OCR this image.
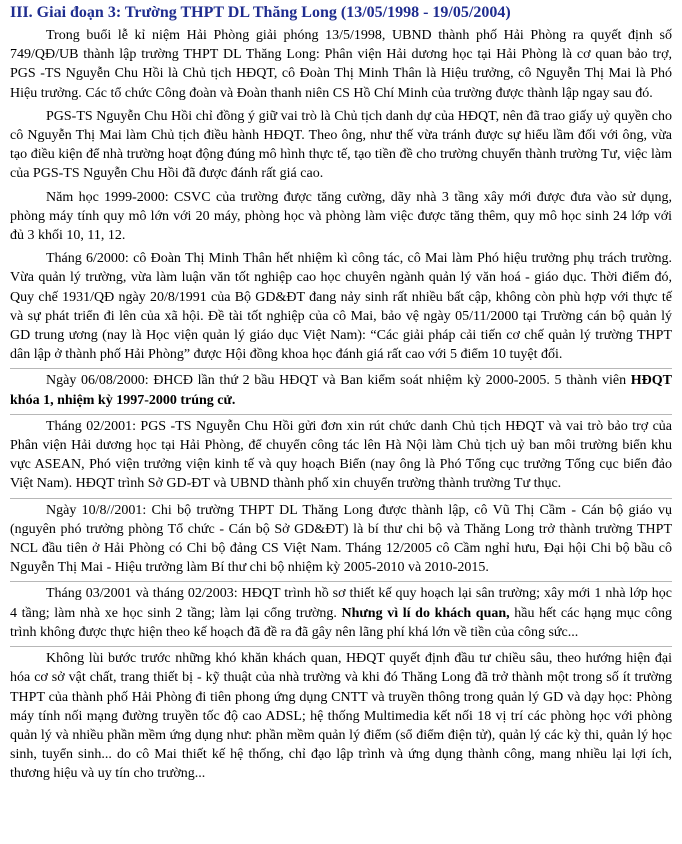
III. Giai đoạn 3: Trường THPT DL Thăng Long (13/05/1998 - 19/05/2004)

Trong buổi lễ kỉ niệm Hải Phòng giải phóng 13/5/1998, UBND thành phố Hải Phòng ra quyết định số 749/QĐ/UB thành lập trường THPT DL Thăng Long: Phân viện Hải dương học tại Hải Phòng là cơ quan bảo trợ, PGS -TS Nguyễn Chu Hồi là Chủ tịch HĐQT, cô Đoàn Thị Minh Thân là Hiệu trưởng, cô Nguyễn Thị Mai là Phó Hiệu trưởng. Các tổ chức Công đoàn và Đoàn thanh niên CS Hồ Chí Minh của trường được thành lập ngay sau đó.

PGS-TS Nguyễn Chu Hồi chỉ đồng ý giữ vai trò là Chủ tịch danh dự của HĐQT, nên đã trao giấy uỷ quyền cho cô Nguyễn Thị Mai làm Chủ tịch điều hành HĐQT. Theo ông, như thế vừa tránh được sự hiểu lầm đối với ông, vừa tạo điều kiện để nhà trường hoạt động đúng mô hình thực tế, tạo tiền đề cho trường chuyển thành trường Tư, việc làm của PGS-TS Nguyễn Chu Hồi đã được đánh rất giá cao.

Năm học 1999-2000: CSVC của trường được tăng cường, dãy nhà 3 tầng xây mới được đưa vào sử dụng, phòng máy tính quy mô lớn với 20 máy, phòng học và phòng làm việc được tăng thêm, quy mô học sinh 24 lớp với đủ 3 khối 10, 11, 12.

Tháng 6/2000: cô Đoàn Thị Minh Thân hết nhiệm kì công tác, cô Mai làm Phó hiệu trưởng phụ trách trường. Vừa quản lý trường, vừa làm luận văn tốt nghiệp cao học chuyên ngành quản lý văn hoá - giáo dục. Thời điểm đó, Quy chế 1931/QĐ ngày 20/8/1991 của Bộ GD&ĐT đang nảy sinh rất nhiều bất cập, không còn phù hợp với thực tế và sự phát triển đi lên của xã hội. Đề tài tốt nghiệp của cô Mai, bảo vệ ngày 05/11/2000 tại Trường cán bộ quản lý GD trung ương (nay là Học viện quản lý giáo dục Việt Nam): “Các giải pháp cải tiến cơ chế quản lý trường THPT dân lập ở thành phố Hải Phòng” được Hội đồng khoa học đánh giá rất cao với 5 điểm 10 tuyệt đối.

Ngày 06/08/2000: ĐHCĐ lần thứ 2 bầu HĐQT và Ban kiểm soát nhiệm kỳ 2000-2005. 5 thành viên HĐQT khóa 1, nhiệm kỳ 1997-2000 trúng cử.

Tháng 02/2001: PGS -TS Nguyễn Chu Hồi gửi đơn xin rút chức danh Chủ tịch HĐQT và vai trò bảo trợ của Phân viện Hải dương học tại Hải Phòng, để chuyển công tác lên Hà Nội làm Chủ tịch uỷ ban môi trường biển khu vực ASEAN, Phó viện trưởng viện kinh tế và quy hoạch Biển (nay ông là Phó Tổng cục trưởng Tổng cục biển đảo Việt Nam). HĐQT trình Sở GD-ĐT và UBND thành phố xin chuyển trường thành trường Tư thục.

Ngày 10/8//2001: Chi bộ trường THPT DL Thăng Long được thành lập, cô Vũ Thị Cầm - Cán bộ giáo vụ (nguyên phó trưởng phòng Tổ chức - Cán bộ Sở GD&ĐT) là bí thư chi bộ và Thăng Long trở thành trường THPT NCL đầu tiên ở Hải Phòng có Chi bộ đảng CS Việt Nam. Tháng 12/2005 cô Cầm nghỉ hưu, Đại hội Chi bộ bầu cô Nguyễn Thị Mai - Hiệu trưởng làm Bí thư chi bộ nhiệm kỳ 2005-2010 và 2010-2015.

Tháng 03/2001 và tháng 02/2003: HĐQT trình hồ sơ thiết kế quy hoạch lại sân trường; xây mới 1 nhà lớp học 4 tầng; làm nhà xe học sinh 2 tầng; làm lại cổng trường. Nhưng vì lí do khách quan, hầu hết các hạng mục công trình không được thực hiện theo kế hoạch đã đề ra đã gây nên lãng phí khá lớn về tiền của công sức...

Không lùi bước trước những khó khăn khách quan, HĐQT quyết định đầu tư chiều sâu, theo hướng hiện đại hóa cơ sở vật chất, trang thiết bị - kỹ thuật của nhà trường và khi đó Thăng Long đã trở thành một trong số ít trường THPT của thành phố Hải Phòng đi tiên phong ứng dụng CNTT và truyền thông trong quản lý GD và dạy học: Phòng máy tính nối mạng đường truyền tốc độ cao ADSL; hệ thống Multimedia kết nối 18 vị trí các phòng học với phòng quản lý và nhiều phần mềm ứng dụng như: phần mềm quản lý điểm (sổ điểm điện tử), quản lý các kỳ thi, quản lý học sinh, tuyển sinh... do cô Mai thiết kế hệ thống, chỉ đạo lập trình và ứng dụng thành công, mang nhiều lại lợi ích, thương hiệu và uy tín cho trường...
